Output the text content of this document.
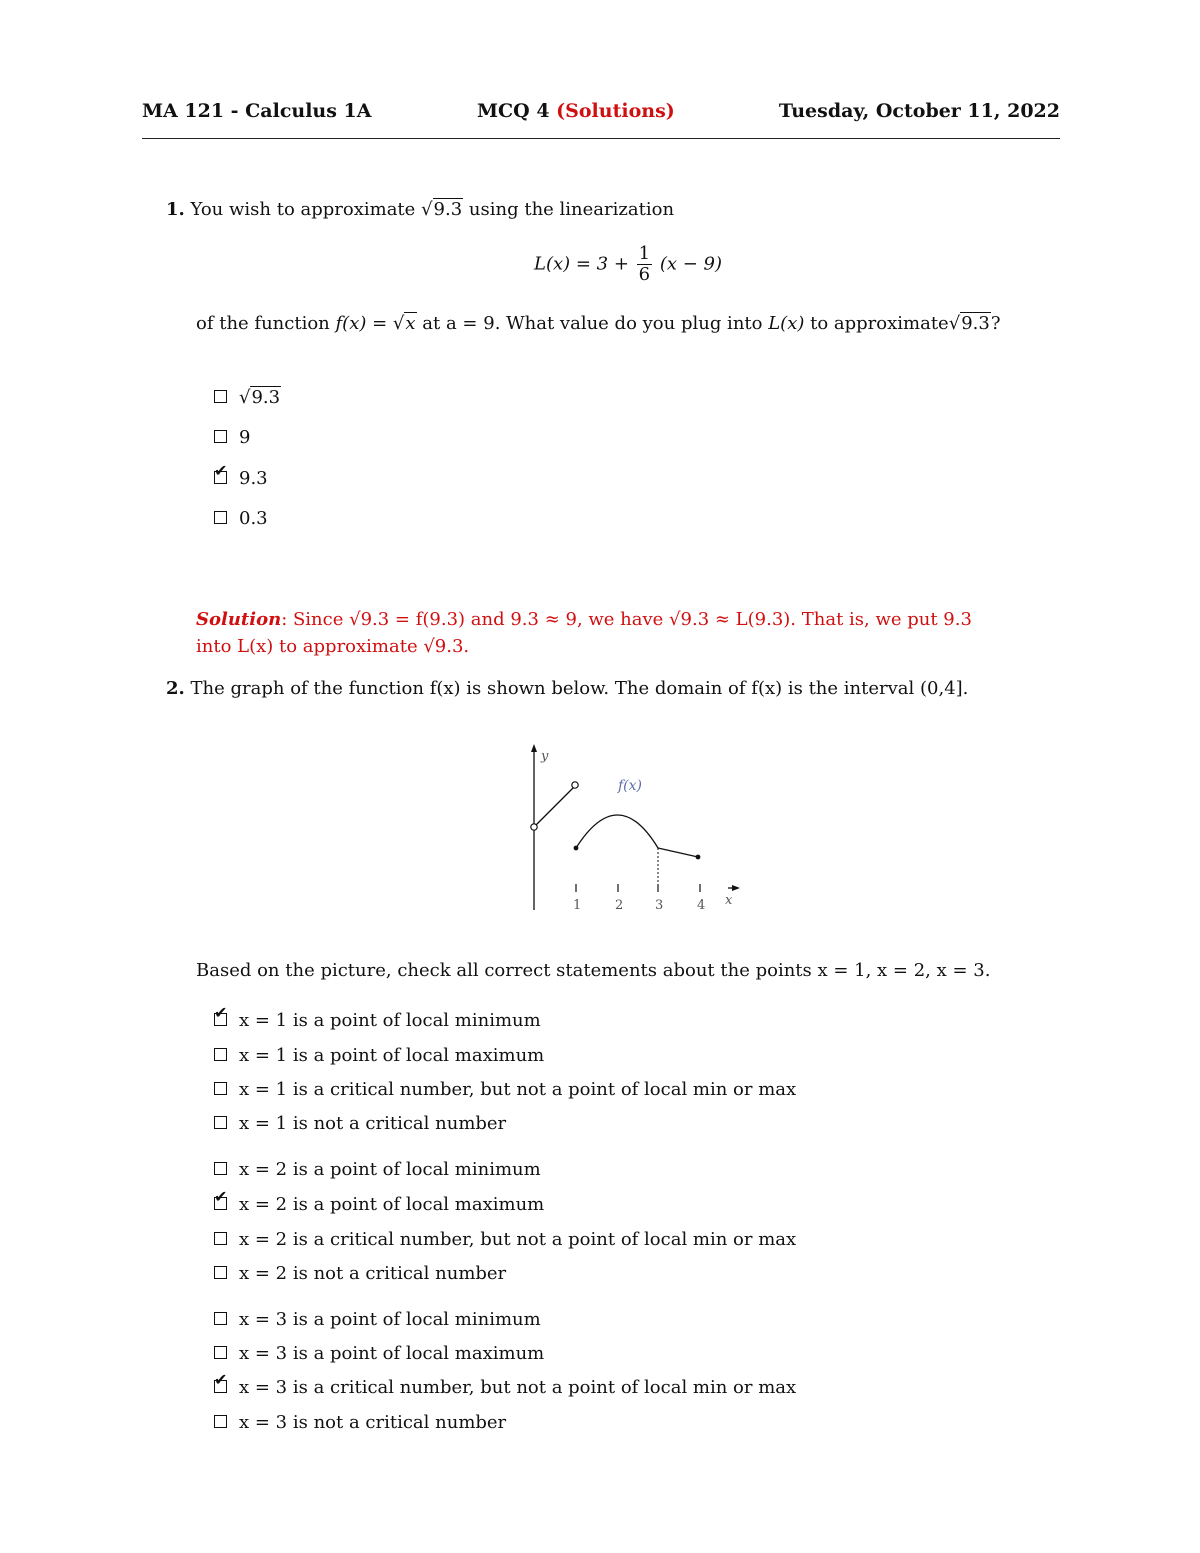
MA 121 - Calculus 1A	MCQ 4 (Solutions)	Tuesday, October 11, 2022
1. You wish to approximate √9.3 using the linearization
$L(x) = 3 + \frac{1}{6} (x - 9)$
of the function f(x) = √x at a = 9. What value do you plug into L(x) to approximate√9.3?
√9.3
9
✔9.3
0.3
Solution: Since √9.3 = f(9.3) and 9.3 ≈ 9, we have √9.3 ≈ L(9.3). That is, we put 9.3
into L(x) to approximate √9.3.
2. The graph of the function f(x) is shown below. The domain of f(x) is the interval (0,4].
y
x
1	2 3	4
f(x)
Based on the picture, check all correct statements about the points x = 1, x = 2, x = 3.
✔x = 1 is a point of local minimum
x = 1 is a point of local maximum
x = 1 is a critical number, but not a point of local min or max
x = 1 is not a critical number
x = 2 is a point of local minimum
✔x = 2 is a point of local maximum
x = 2 is a critical number, but not a point of local min or max
x = 2 is not a critical number
x = 3 is a point of local minimum
x = 3 is a point of local maximum
✔x = 3 is a critical number, but not a point of local min or max
x = 3 is not a critical number
